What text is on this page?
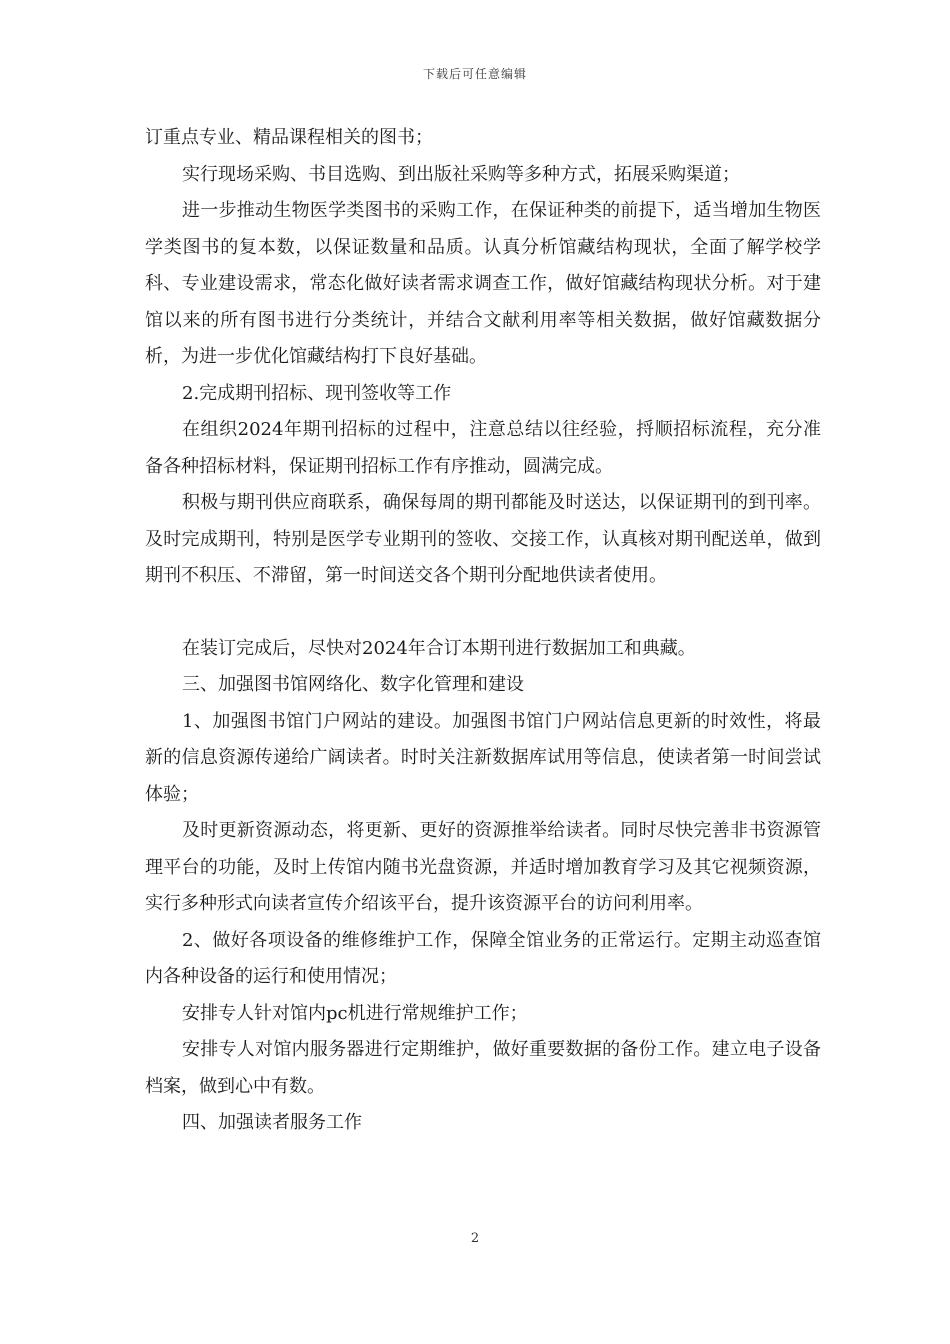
下载后可任意编辑

订重点专业、精品课程相关的图书；

实行现场采购、书目选购、到出版社采购等多种方式，拓展采购渠道；

进一步推动生物医学类图书的采购工作，在保证种类的前提下，适当增加生物医学类图书的复本数，以保证数量和品质。认真分析馆藏结构现状，全面了解学校学科、专业建设需求，常态化做好读者需求调查工作，做好馆藏结构现状分析。对于建馆以来的所有图书进行分类统计，并结合文献利用率等相关数据，做好馆藏数据分析，为进一步优化馆藏结构打下良好基础。

2.完成期刊招标、现刊签收等工作

在组织2024年期刊招标的过程中，注意总结以往经验，捋顺招标流程，充分准备各种招标材料，保证期刊招标工作有序推动，圆满完成。

积极与期刊供应商联系，确保每周的期刊都能及时送达，以保证期刊的到刊率。及时完成期刊，特别是医学专业期刊的签收、交接工作，认真核对期刊配送单，做到期刊不积压、不滞留，第一时间送交各个期刊分配地供读者使用。

在装订完成后，尽快对2024年合订本期刊进行数据加工和典藏。

三、加强图书馆网络化、数字化管理和建设

1、加强图书馆门户网站的建设。加强图书馆门户网站信息更新的时效性，将最新的信息资源传递给广阔读者。时时关注新数据库试用等信息，使读者第一时间尝试体验；

及时更新资源动态，将更新、更好的资源推举给读者。同时尽快完善非书资源管理平台的功能，及时上传馆内随书光盘资源，并适时增加教育学习及其它视频资源，实行多种形式向读者宣传介绍该平台，提升该资源平台的访问利用率。

2、做好各项设备的维修维护工作，保障全馆业务的正常运行。定期主动巡查馆内各种设备的运行和使用情况；

安排专人针对馆内pc机进行常规维护工作；

安排专人对馆内服务器进行定期维护，做好重要数据的备份工作。建立电子设备档案，做到心中有数。

四、加强读者服务工作

2
